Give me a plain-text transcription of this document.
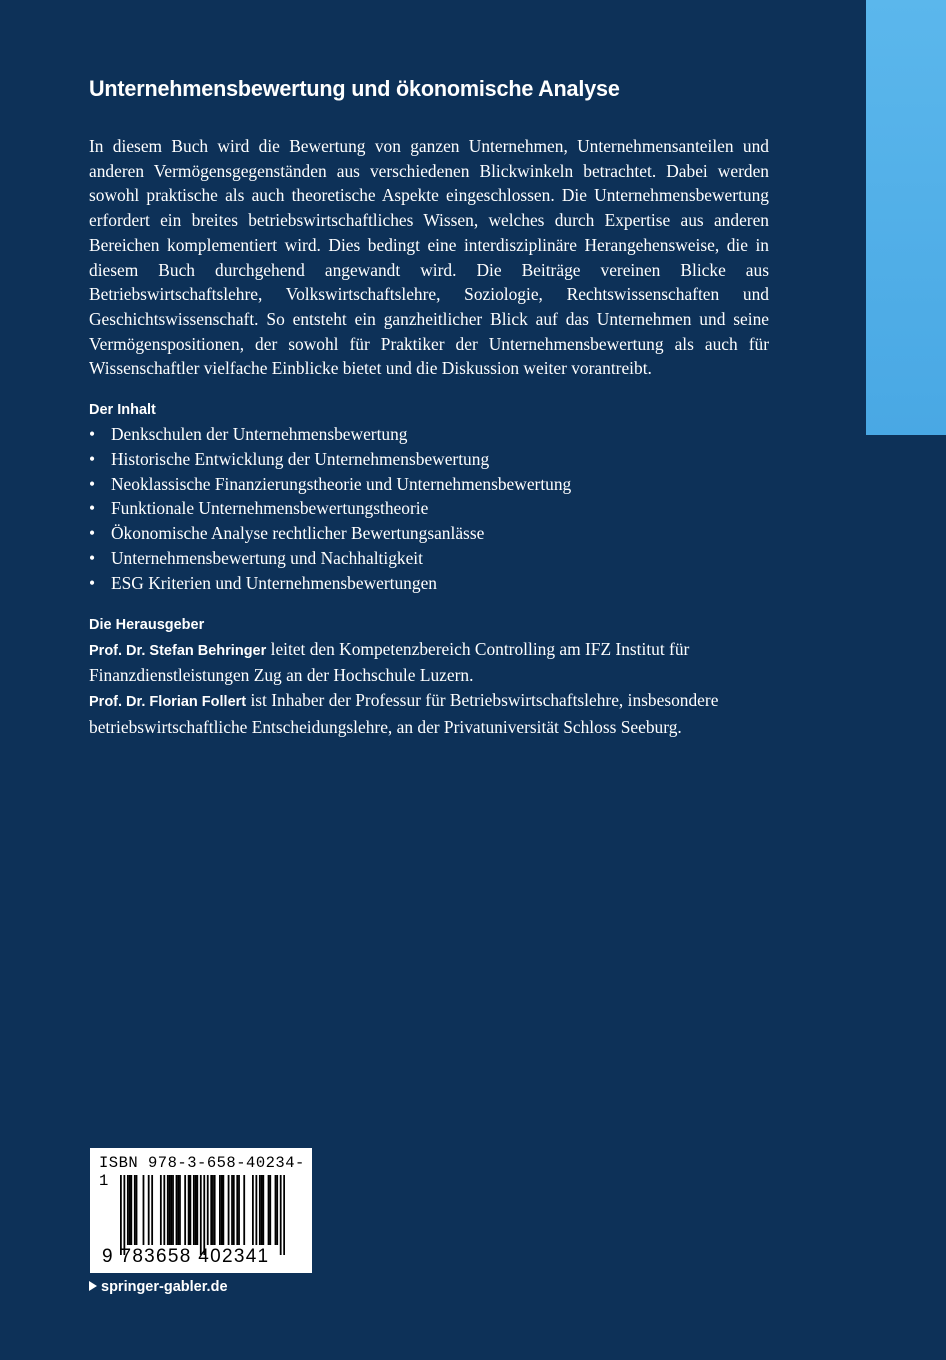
Unternehmensbewertung und ökonomische Analyse

In diesem Buch wird die Bewertung von ganzen Unternehmen, Unternehmensanteilen und anderen Vermögensgegenständen aus verschiedenen Blickwinkeln betrachtet. Dabei werden sowohl praktische als auch theoretische Aspekte eingeschlossen. Die Unternehmensbewertung erfordert ein breites betriebswirtschaftliches Wissen, welches durch Expertise aus anderen Bereichen komplementiert wird. Dies bedingt eine interdisziplinäre Herangehensweise, die in diesem Buch durchgehend angewandt wird. Die Beiträge vereinen Blicke aus Betriebswirtschaftslehre, Volkswirtschaftslehre, Soziologie, Rechtswissenschaften und Geschichtswissenschaft. So entsteht ein ganzheitlicher Blick auf das Unternehmen und seine Vermögenspositionen, der sowohl für Praktiker der Unternehmensbewertung als auch für Wissenschaftler vielfache Einblicke bietet und die Diskussion weiter vorantreibt.

Der Inhalt
• Denkschulen der Unternehmensbewertung
• Historische Entwicklung der Unternehmensbewertung
• Neoklassische Finanzierungstheorie und Unternehmensbewertung
• Funktionale Unternehmensbewertungstheorie
• Ökonomische Analyse rechtlicher Bewertungsanlässe
• Unternehmensbewertung und Nachhaltigkeit
• ESG Kriterien und Unternehmensbewertungen
Die Herausgeber

Prof. Dr. Stefan Behringer leitet den Kompetenzbereich Controlling am IFZ Institut für Finanzdienstleistungen Zug an der Hochschule Luzern.

Prof. Dr. Florian Follert ist Inhaber der Professur für Betriebswirtschaftslehre, insbesondere betriebswirtschaftliche Entscheidungslehre, an der Privatuniversität Schloss Seeburg.

ISBN 978-3-658-40234-1
9 783658 402341
springer-gabler.de
